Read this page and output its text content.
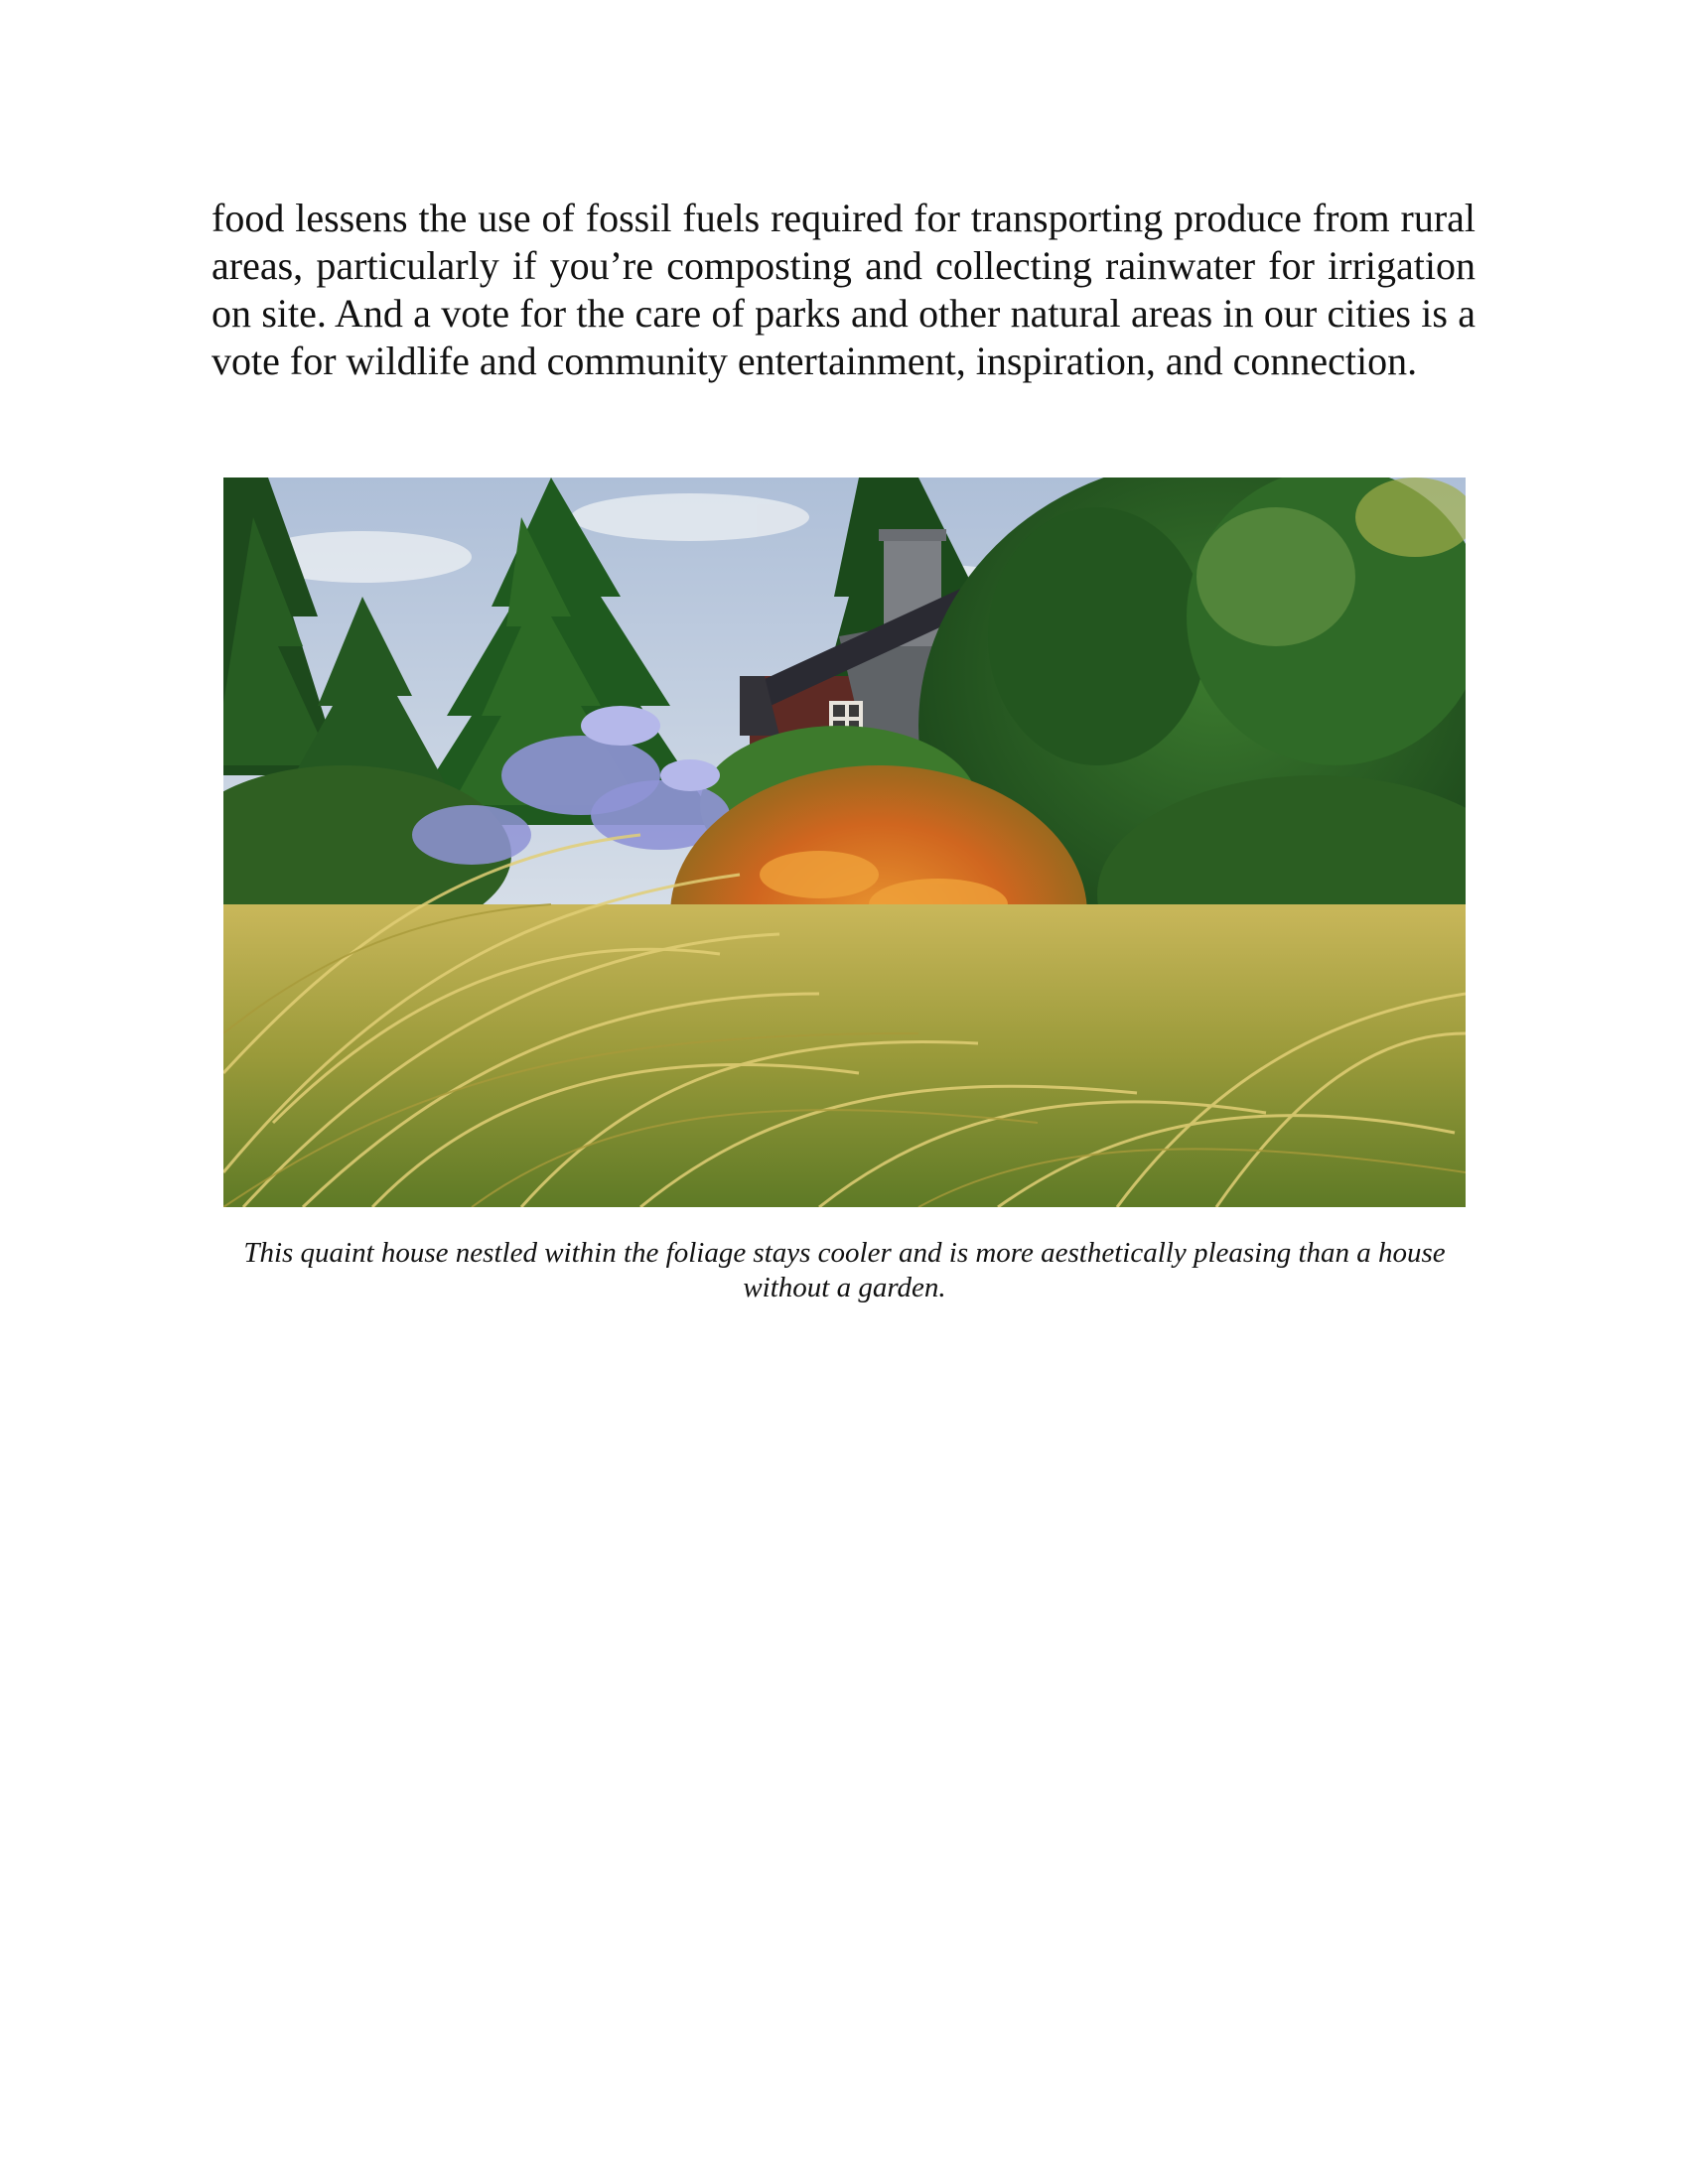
food lessens the use of fossil fuels required for transporting produce from rural areas, particularly if you’re composting and collecting rainwater for irrigation on site. And a vote for the care of parks and other natural areas in our cities is a vote for wildlife and community entertainment, inspiration, and connection.

This quaint house nestled within the foliage stays cooler and is more aesthetically pleasing than a house without a garden.
